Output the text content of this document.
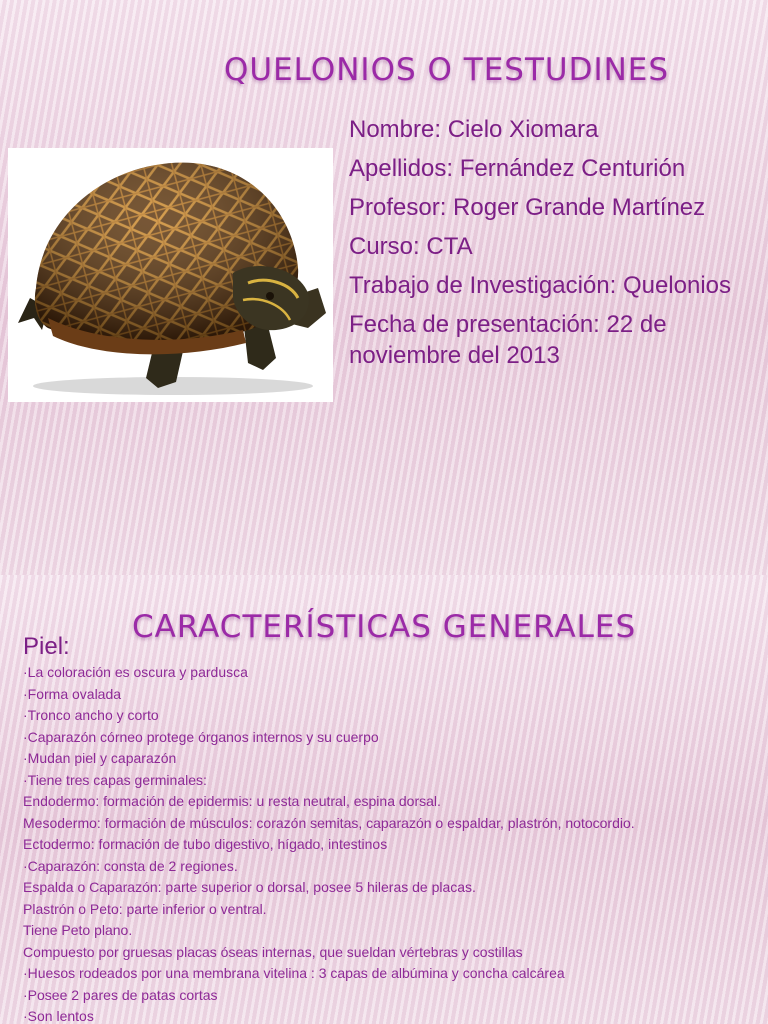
QUELONIOS O TESTUDINES
Nombre: Cielo Xiomara
Apellidos: Fernández Centurión
Profesor: Roger Grande Martínez
Curso: CTA
Trabajo de Investigación: Quelonios
Fecha de presentación: 22 de noviembre del 2013
CARACTERÍSTICAS GENERALES
Piel:
·La coloración es oscura y pardusca
·Forma ovalada
·Tronco ancho y corto
·Caparazón córneo protege órganos internos y su cuerpo
·Mudan piel y caparazón
·Tiene tres capas germinales:
Endodermo: formación de epidermis: u resta neutral, espina dorsal.
Mesodermo: formación de músculos: corazón semitas, caparazón o espaldar, plastrón, notocordio.
Ectodermo: formación de tubo digestivo, hígado, intestinos
·Caparazón: consta de 2 regiones.
Espalda o Caparazón: parte superior o dorsal, posee 5 hileras de placas.
Plastrón o Peto: parte inferior o ventral.
Tiene Peto plano.
Compuesto por gruesas placas óseas internas, que sueldan vértebras y costillas
·Huesos rodeados por una membrana vitelina : 3 capas de albúmina y concha calcárea
·Posee 2 pares de patas cortas
·Son lentos
